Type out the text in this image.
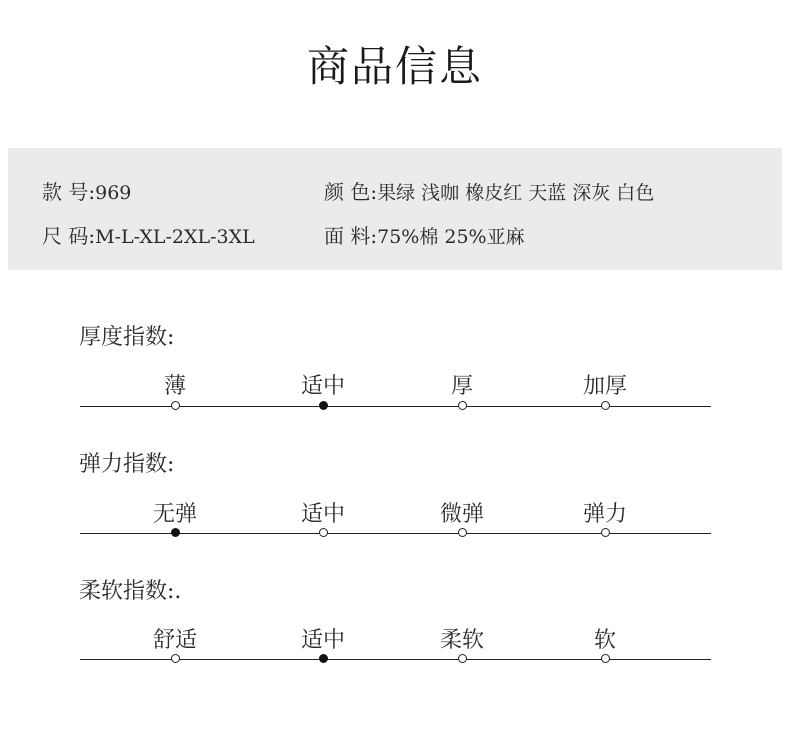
商品信息
款 号:969	颜 色:果绿 浅咖 橡皮红 天蓝 深灰 白色
尺 码:M-L-XL-2XL-3XL	面 料:75%棉 25%亚麻
厚度指数:
薄	适中	厚	加厚
弹力指数:
无弹	适中	微弹	弹力
柔软指数:.
舒适	适中	柔软	软
